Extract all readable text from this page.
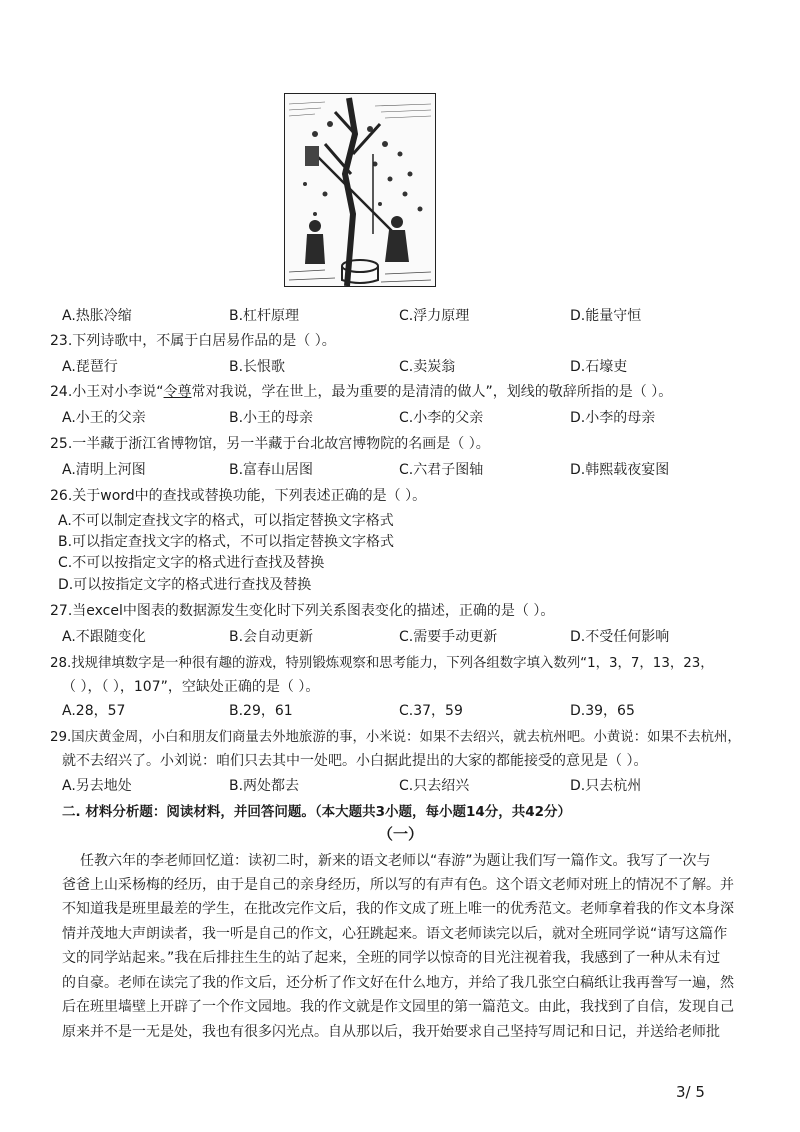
A.热胀冷缩	B.杠杆原理	C.浮力原理	D.能量守恒
23.下列诗歌中，不属于白居易作品的是（ ）。
A.琵琶行	B.长恨歌	C.卖炭翁	D.石壕吏
24.小王对小李说“令尊常对我说，学在世上，最为重要的是清清的做人”，划线的敬辞所指的是（ ）。
A.小王的父亲	B.小王的母亲	C.小李的父亲	D.小李的母亲
25.一半藏于浙江省博物馆，另一半藏于台北故宫博物院的名画是（ ）。
A.清明上河图	B.富春山居图	C.六君子图轴	D.韩熙载夜宴图
26.关于word中的查找或替换功能，下列表述正确的是（ ）。
A.不可以制定查找文字的格式，可以指定替换文字格式
B.可以指定查找文字的格式，不可以指定替换文字格式
C.不可以按指定文字的格式进行查找及替换
D.可以按指定文字的格式进行查找及替换
27.当excel中图表的数据源发生变化时下列关系图表变化的描述，正确的是（ ）。
A.不跟随变化	B.会自动更新	C.需要手动更新	D.不受任何影响
28.找规律填数字是一种很有趣的游戏，特别锻炼观察和思考能力，下列各组数字填入数列“1，3，7，13，23，
（ ），（ ），107”，空缺处正确的是（ ）。
A.28，57	B.29，61	C.37，59	D.39，65
29.国庆黄金周，小白和朋友们商量去外地旅游的事，小米说：如果不去绍兴，就去杭州吧。小黄说：如果不去杭州，
就不去绍兴了。小刘说：咱们只去其中一处吧。小白据此提出的大家的都能接受的意见是（ ）。
A.另去地处	B.两处都去	C.只去绍兴	D.只去杭州
二. 材料分析题：阅读材料，并回答问题。（本大题共3小题，每小题14分，共42分）
（一）
任教六年的李老师回忆道：读初二时，新来的语文老师以“春游”为题让我们写一篇作文。我写了一次与
爸爸上山采杨梅的经历，由于是自己的亲身经历，所以写的有声有色。这个语文老师对班上的情况不了解。并
不知道我是班里最差的学生，在批改完作文后，我的作文成了班上唯一的优秀范文。老师拿着我的作文本身深
情并茂地大声朗读者，我一听是自己的作文，心狂跳起来。语文老师读完以后，就对全班同学说“请写这篇作
文的同学站起来。”我在后排拄生生的站了起来，全班的同学以惊奇的目光注视着我，我感到了一种从未有过
的自豪。老师在读完了我的作文后，还分析了作文好在什么地方，并给了我几张空白稿纸让我再誊写一遍，然
后在班里墙壁上开辟了一个作文园地。我的作文就是作文园里的第一篇范文。由此，我找到了自信，发现自己
原来并不是一无是处，我也有很多闪光点。自从那以后，我开始要求自己坚持写周记和日记，并送给老师批
3/ 5
